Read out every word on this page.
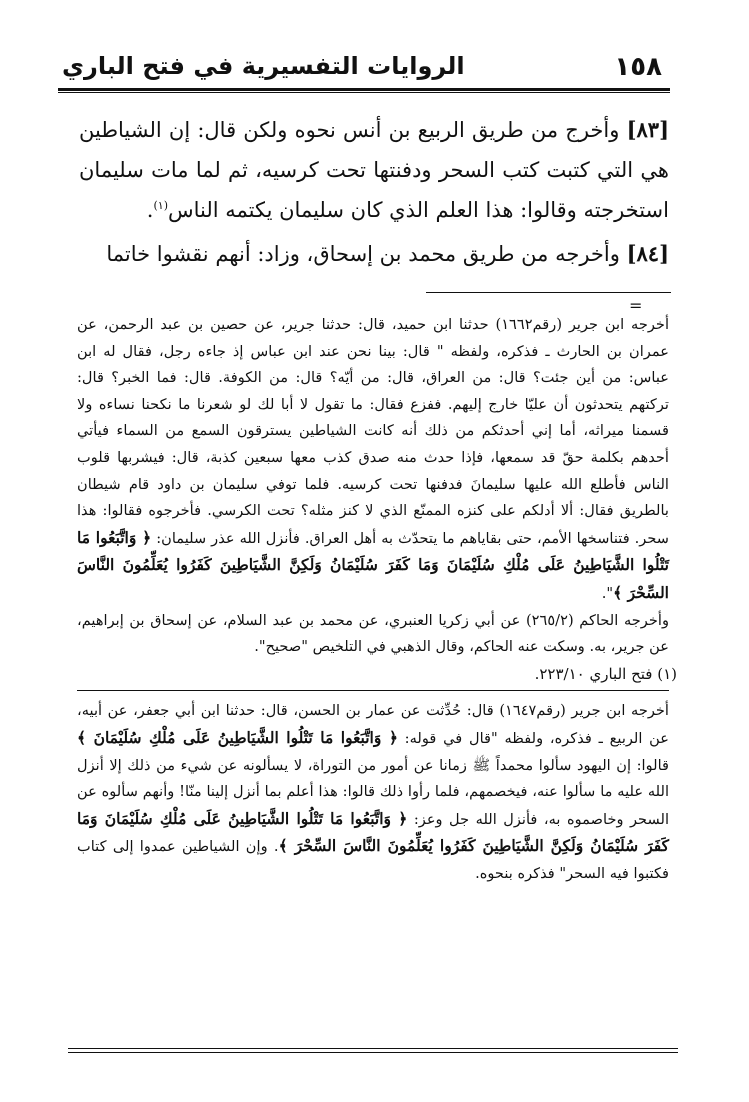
١٥٨
الروايات التفسيرية في فتح الباري

[٨٣] وأخرج من طريق الربيع بن أنس نحوه ولكن قال: إن الشياطين هي التي كتبت كتب السحر ودفنتها تحت كرسيه، ثم لما مات سليمان استخرجته وقالوا: هذا العلم الذي كان سليمان يكتمه الناس$^{(١)}$.

[٨٤] وأخرجه من طريق محمد بن إسحاق، وزاد: أنهم نقشوا خاتما

=

أخرجه ابن جرير (رقم١٦٦٢) حدثنا ابن حميد، قال: حدثنا جرير، عن حصين بن عبد الرحمن، عن عمران بن الحارث ـ فذكره، ولفظه " قال: بينا نحن عند ابن عباس إذ جاءه رجل، فقال له ابن عباس: من أين جئت؟ قال: من العراق، قال: من أيّه؟ قال: من الكوفة. قال: فما الخبر؟ قال: تركتهم يتحدثون أن عليّا خارج إليهم. ففزع فقال: ما تقول لا أبا لك لو شعرنا ما نكحنا نساءه ولا قسمنا ميراثه، أما إني أحدثكم من ذلك أنه كانت الشياطين يسترقون السمع من السماء فيأتي أحدهم بكلمة حقّ قد سمعها، فإذا حدث منه صدق كذب معها سبعين كذبة، قال: فيشربها قلوب الناس فأطلع الله عليها سليمانَ فدفنها تحت كرسيه. فلما توفي سليمان بن داود قام شيطان بالطريق فقال: ألا أدلكم على كنزه الممنّع الذي لا كنز مثله؟ تحت الكرسي. فأخرجوه فقالوا: هذا سحر. فتناسخها الأمم، حتى بقاياهم ما يتحدّث به أهل العراق. فأنزل الله عذر سليمان: ﴿ وَاتَّبَعُوا مَا تَتْلُوا الشَّيَاطِينُ عَلَى مُلْكِ سُلَيْمَانَ وَمَا كَفَرَ سُلَيْمَانُ وَلَكِنَّ الشَّيَاطِينَ كَفَرُوا يُعَلِّمُونَ النَّاسَ السِّحْرَ ﴾".

وأخرجه الحاكم (٢٦٥/٢) عن أبي زكريا العنبري، عن محمد بن عبد السلام، عن إسحاق بن إبراهيم، عن جرير، به. وسكت عنه الحاكم، وقال الذهبي في التلخيص "صحيح".

(١) فتح الباري ٢٢٣/١٠.

أخرجه ابن جرير (رقم١٦٤٧) قال: حُدِّثت عن عمار بن الحسن، قال: حدثنا ابن أبي جعفر، عن أبيه، عن الربيع ـ فذكره، ولفظه "قال في قوله: ﴿ وَاتَّبَعُوا مَا تَتْلُوا الشَّيَاطِينُ عَلَى مُلْكِ سُلَيْمَانَ ﴾ قالوا: إن اليهود سألوا محمداً ﷺ زمانا عن أمور من التوراة، لا يسألونه عن شيء من ذلك إلا أنزل الله عليه ما سألوا عنه، فيخصمهم، فلما رأوا ذلك قالوا: هذا أعلم بما أنزل إلينا منّا! وأنهم سألوه عن السحر وخاصموه به، فأنزل الله جل وعز: ﴿ وَاتَّبَعُوا مَا تَتْلُوا الشَّيَاطِينُ عَلَى مُلْكِ سُلَيْمَانَ وَمَا كَفَرَ سُلَيْمَانُ وَلَكِنَّ الشَّيَاطِينَ كَفَرُوا يُعَلِّمُونَ النَّاسَ السِّحْرَ ﴾. وإن الشياطين عمدوا إلى كتاب فكتبوا فيه السحر" فذكره بنحوه.
